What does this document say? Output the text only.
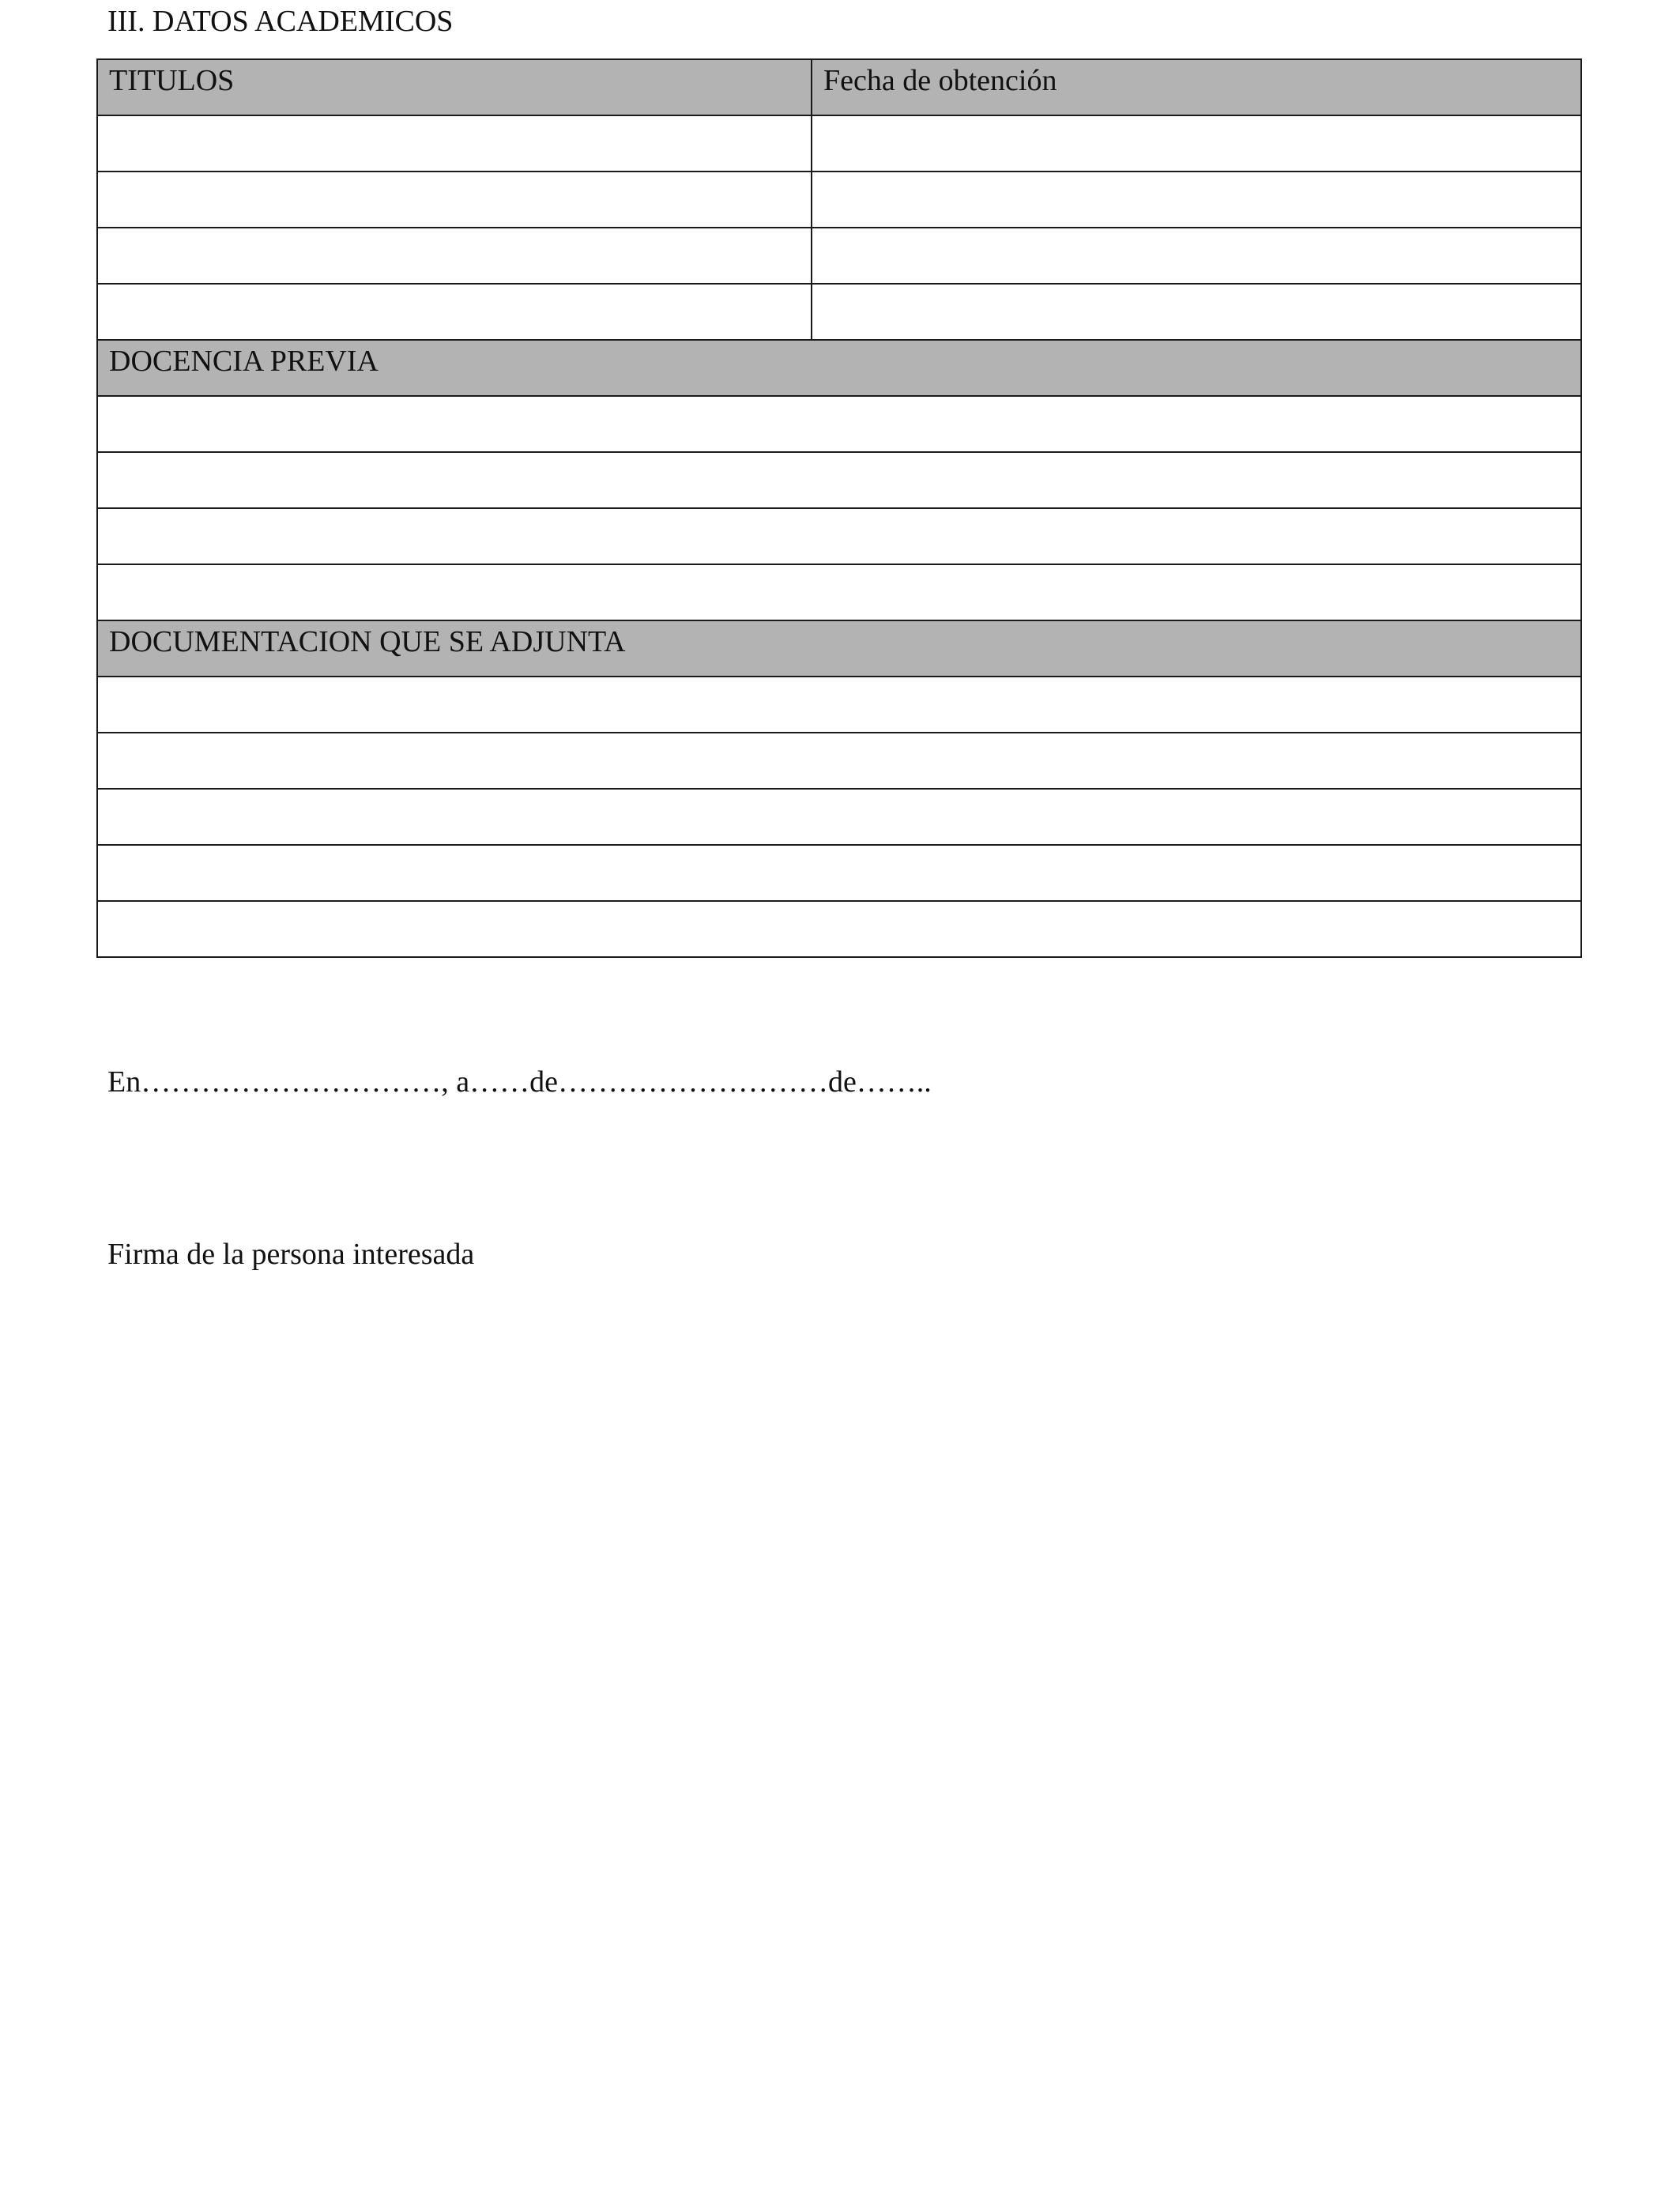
III. DATOS ACADEMICOS
TITULOS	Fecha de obtención

DOCENCIA PREVIA	

DOCUMENTACION QUE SE ADJUNTA	

En…………………………, a……de………………………de……..
Firma de la persona interesada
